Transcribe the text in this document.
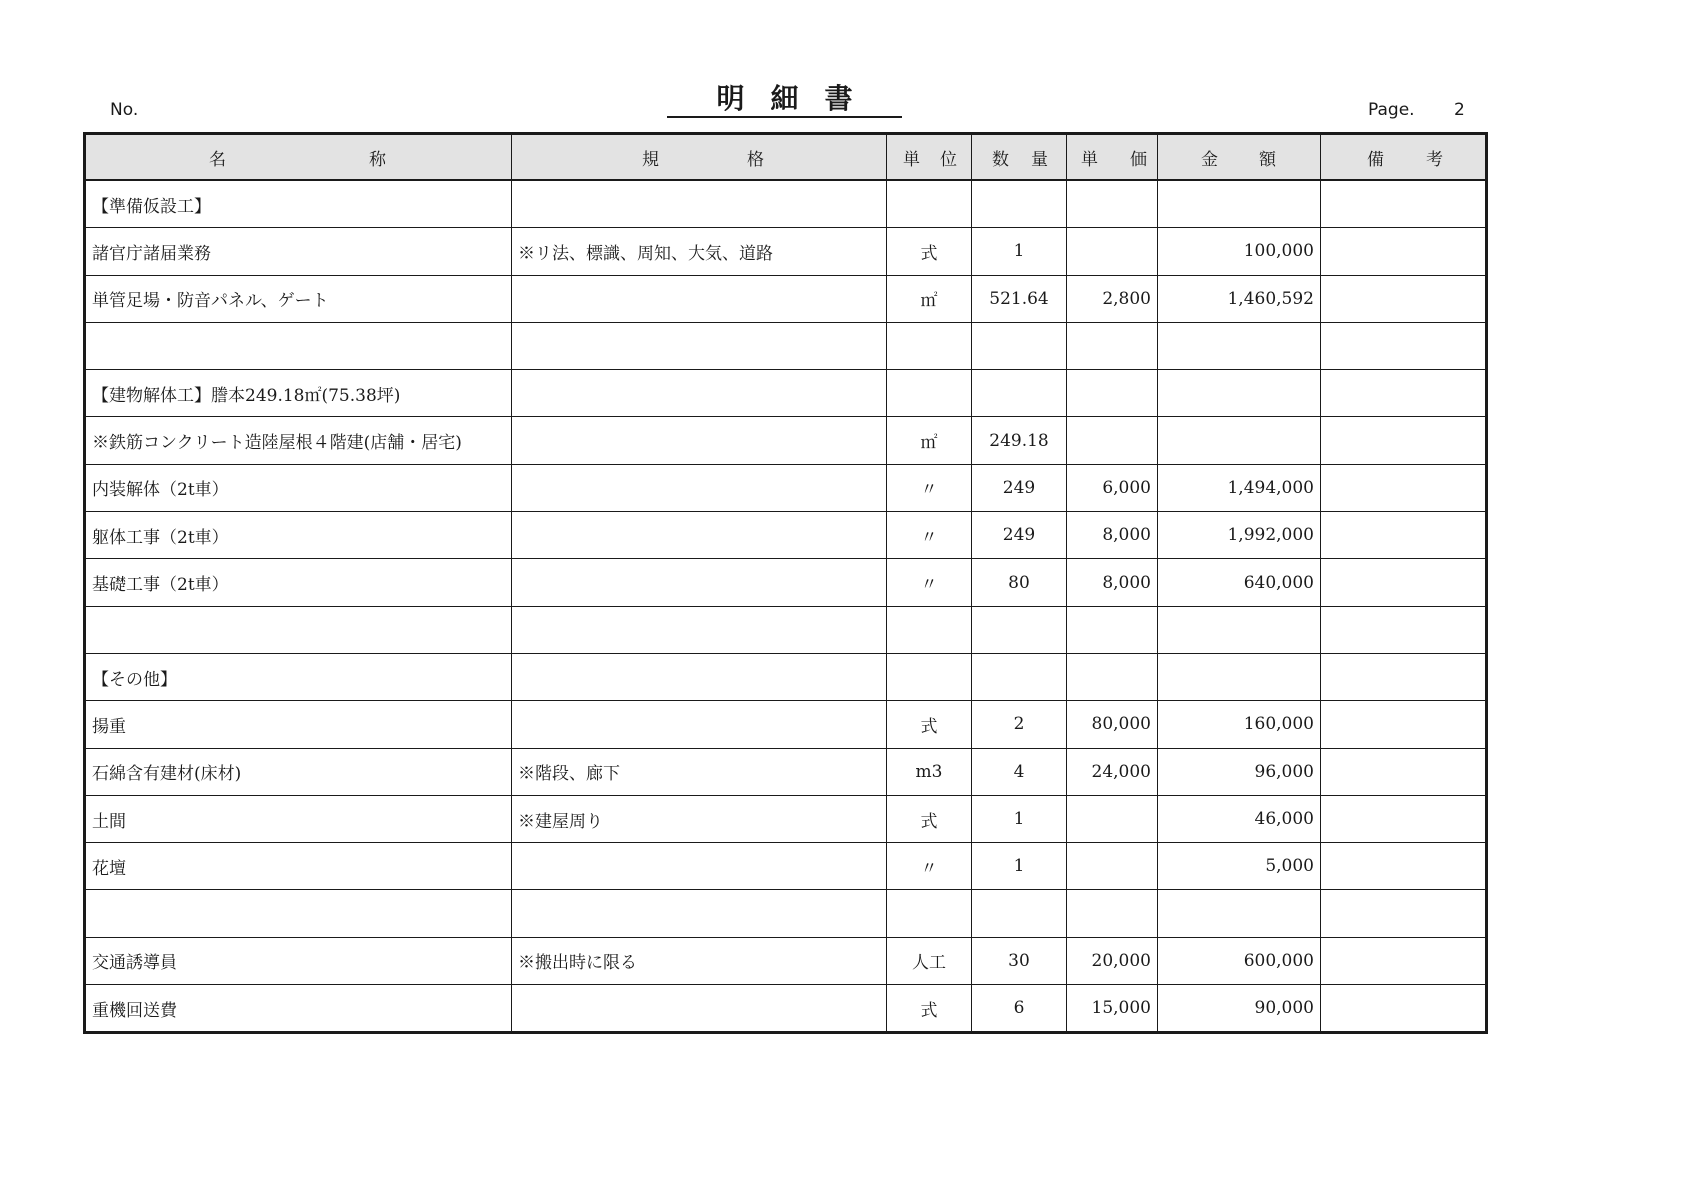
No.	明細書	Page. 2
名 称	規 格	単 位	数 量	単 価	金 額	備 考

【準備仮設工】						
諸官庁諸届業務	※リ法、標識、周知、大気、道路	式	1		100,000	
単管足場・防音パネル、ゲート		㎡	521.64	2,800	1,460,592	

【建物解体工】謄本249.18㎡(75.38坪)						
※鉄筋コンクリート造陸屋根４階建(店舗・居宅)		㎡	249.18			
内装解体（2t車）		〃	249	6,000	1,494,000	
躯体工事（2t車）		〃	249	8,000	1,992,000	
基礎工事（2t車）		〃	80	8,000	640,000	

【その他】						
揚重		式	2	80,000	160,000	
石綿含有建材(床材)	※階段、廊下	m3	4	24,000	96,000	
土間	※建屋周り	式	1		46,000	
花壇		〃	1		5,000	

交通誘導員	※搬出時に限る	人工	30	20,000	600,000	
重機回送費		式	6	15,000	90,000	
